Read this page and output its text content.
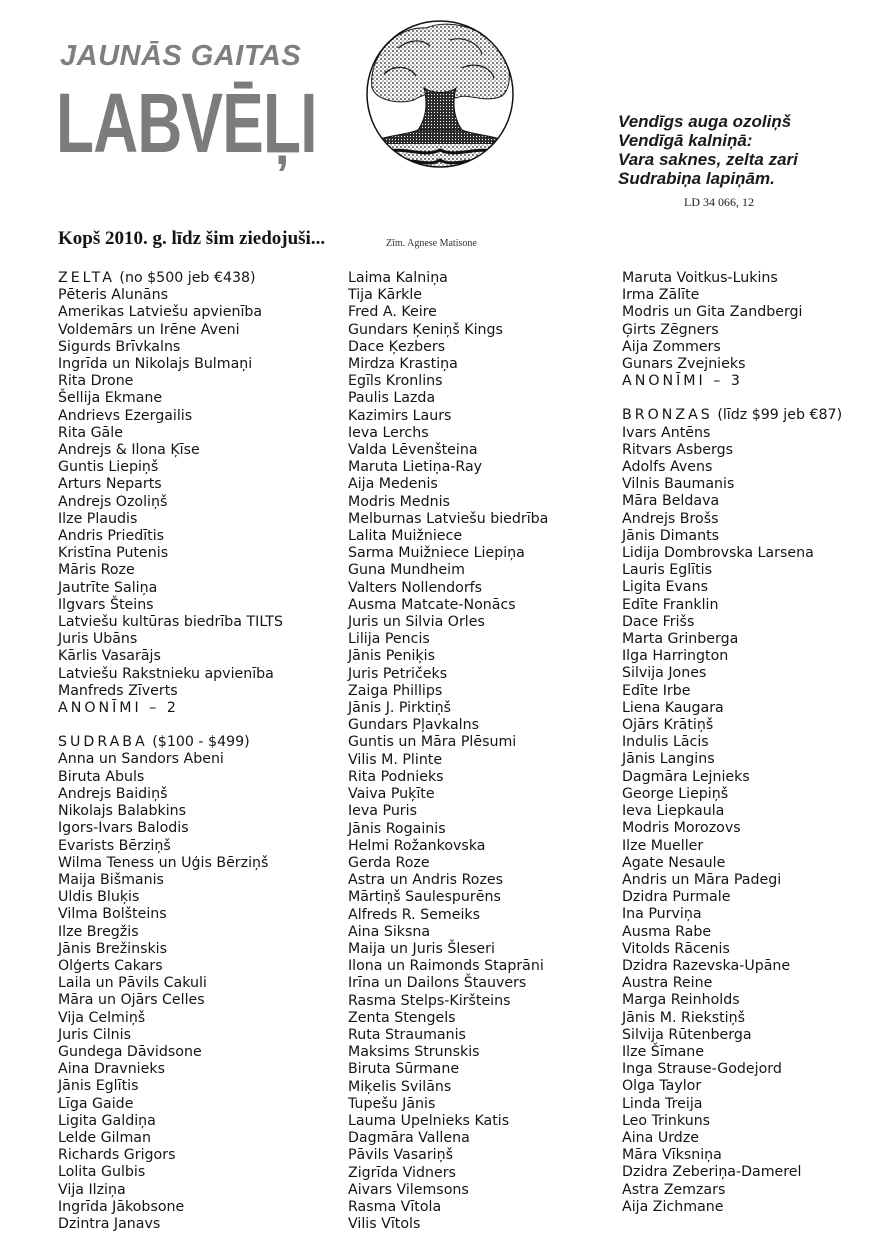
JAUNĀS GAITAS
LABVĒĻI
Kopš 2010. g. līdz šim ziedojuši...	Zīm. Agnese Matisone
Vendīgs auga ozoliņš
Vendīgā kalniņā:
Vara saknes, zelta zari
Sudrabiņa lapiņām.
LD 34 066, 12
ZELTA (no $500 jeb €438)
Pēteris Alunāns
Amerikas Latviešu apvienība
Voldemārs un Irēne Aveni
Sigurds Brīvkalns
Ingrīda un Nikolajs Bulmaņi
Rita Drone
Šellija Ekmane
Andrievs Ezergailis
Rita Gāle
Andrejs & Ilona Ķīse
Guntis Liepiņš
Arturs Neparts
Andrejs Ozoliņš
Ilze Plaudis
Andris Priedītis
Kristīna Putenis
Māris Roze
Jautrīte Saliņa
Ilgvars Šteins
Latviešu kultūras biedrība TILTS
Juris Ubāns
Kārlis Vasarājs
Latviešu Rakstnieku apvienība
Manfreds Zīverts
ANONĪMI – 2
SUDRABA ($100 - $499)
Anna un Sandors Abeni
Biruta Abuls
Andrejs Baidiņš
Nikolajs Balabkins
Igors-Ivars Balodis
Evarists Bērziņš
Wilma Teness un Uģis Bērziņš
Maija Bišmanis
Uldis Bluķis
Vilma Bolšteins
Ilze Bregžis
Jānis Brežinskis
Olģerts Cakars
Laila un Pāvils Cakuli
Māra un Ojārs Celles
Vija Celmiņš
Juris Cilnis
Gundega Dāvidsone
Aina Dravnieks
Jānis Eglītis
Līga Gaide
Ligita Galdiņa
Lelde Gilman
Richards Grigors
Lolita Gulbis
Vija Ilziņa
Ingrīda Jākobsone
Dzintra Janavs
Laima Kalniņa
Tija Kārkle
Fred A. Keire
Gundars Ķeniņš Kings
Dace Ķezbers
Mirdza Krastiņa
Egīls Kronlins
Paulis Lazda
Kazimirs Laurs
Ieva Lerchs
Valda Lēvenšteina
Maruta Lietiņa-Ray
Aija Medenis
Modris Mednis
Melburnas Latviešu biedrība
Lalita Muižniece
Sarma Muižniece Liepiņa
Guna Mundheim
Valters Nollendorfs
Ausma Matcate-Nonācs
Juris un Silvia Orles
Lilija Pencis
Jānis Peniķis
Juris Petričeks
Zaiga Phillips
Jānis J. Pirktiņš
Gundars Pļavkalns
Guntis un Māra Plēsumi
Vilis M. Plinte
Rita Podnieks
Vaiva Puķīte
Ieva Puris
Jānis Rogainis
Helmi Rožankovska
Gerda Roze
Astra un Andris Rozes
Mārtiņš Saulespurēns
Alfreds R. Semeiks
Aina Siksna
Maija un Juris Šleseri
Ilona un Raimonds Staprāni
Irīna un Dailons Štauvers
Rasma Stelps-Kiršteins
Zenta Stengels
Ruta Straumanis
Maksims Strunskis
Biruta Sūrmane
Miķelis Svilāns
Tupešu Jānis
Lauma Upelnieks Katis
Dagmāra Vallena
Pāvils Vasariņš
Zigrīda Vidners
Aivars Vilemsons
Rasma Vītola
Vilis Vītols
Maruta Voitkus-Lukins
Irma Zālīte
Modris un Gita Zandbergi
Ģirts Zēgners
Aija Zommers
Gunars Zvejnieks
ANONĪMI – 3
BRONZAS (līdz $99 jeb €87)
Ivars Antēns
Ritvars Asbergs
Adolfs Avens
Vilnis Baumanis
Māra Beldava
Andrejs Brošs
Jānis Dimants
Lidija Dombrovska Larsena
Lauris Eglītis
Ligita Evans
Edīte Franklin
Dace Frišs
Marta Grinberga
Ilga Harrington
Silvija Jones
Edīte Irbe
Liena Kaugara
Ojārs Krātiņš
Indulis Lācis
Jānis Langins
Dagmāra Lejnieks
George Liepiņš
Ieva Liepkaula
Modris Morozovs
Ilze Mueller
Agate Nesaule
Andris un Māra Padegi
Dzidra Purmale
Ina Purviņa
Ausma Rabe
Vitolds Rācenis
Dzidra Razevska-Upāne
Austra Reine
Marga Reinholds
Jānis M. Riekstiņš
Silvija Rūtenberga
Ilze Šīmane
Inga Strause-Godejord
Olga Taylor
Linda Treija
Leo Trinkuns
Aina Urdze
Māra Vīksniņa
Dzidra Zeberiņa-Damerel
Astra Zemzars
Aija Zichmane
